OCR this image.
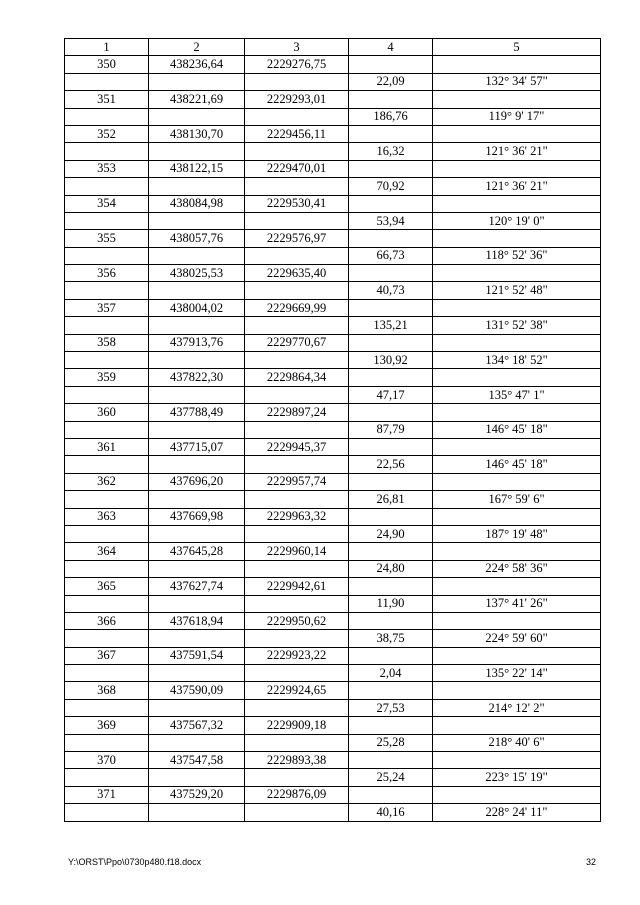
1	2	3	4	5
350	438236,64	2229276,75		
			22,09	132° 34' 57"
351	438221,69	2229293,01		
			186,76	119° 9' 17"
352	438130,70	2229456,11		
			16,32	121° 36' 21"
353	438122,15	2229470,01		
			70,92	121° 36' 21"
354	438084,98	2229530,41		
			53,94	120° 19' 0"
355	438057,76	2229576,97		
			66,73	118° 52' 36"
356	438025,53	2229635,40		
			40,73	121° 52' 48"
357	438004,02	2229669,99		
			135,21	131° 52' 38"
358	437913,76	2229770,67		
			130,92	134° 18' 52"
359	437822,30	2229864,34		
			47,17	135° 47' 1"
360	437788,49	2229897,24		
			87,79	146° 45' 18"
361	437715,07	2229945,37		
			22,56	146° 45' 18"
362	437696,20	2229957,74		
			26,81	167° 59' 6"
363	437669,98	2229963,32		
			24,90	187° 19' 48"
364	437645,28	2229960,14		
			24,80	224° 58' 36"
365	437627,74	2229942,61		
			11,90	137° 41' 26"
366	437618,94	2229950,62		
			38,75	224° 59' 60"
367	437591,54	2229923,22		
			2,04	135° 22' 14"
368	437590,09	2229924,65		
			27,53	214° 12' 2"
369	437567,32	2229909,18		
			25,28	218° 40' 6"
370	437547,58	2229893,38		
			25,24	223° 15' 19"
371	437529,20	2229876,09		
			40,16	228° 24' 11"
Y:\ORST\Ppo\0730p480.f18.docx	32
